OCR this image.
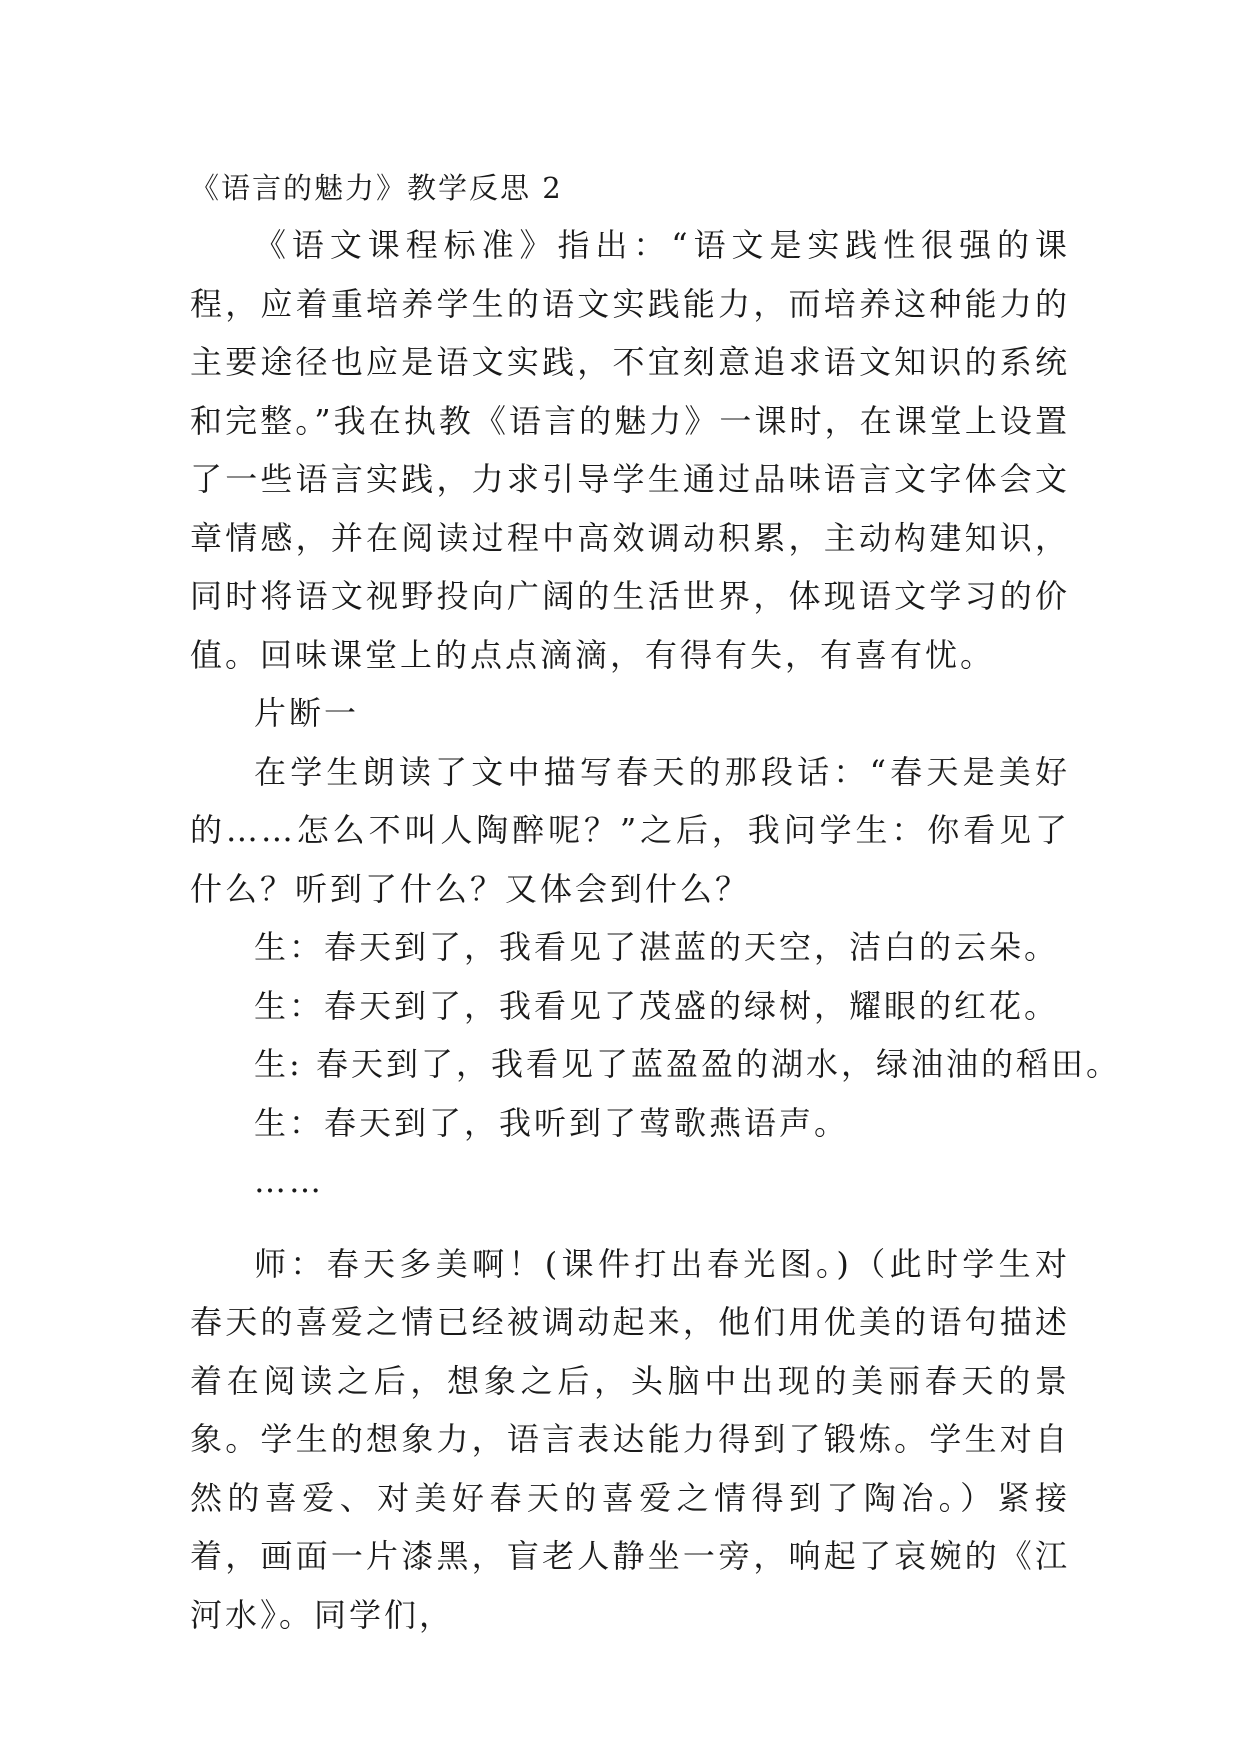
《语言的魅力》教学反思 2

《语文课程标准》指出：“语文是实践性很强的课程，应着重培养学生的语文实践能力，而培养这种能力的主要途径也应是语文实践，不宜刻意追求语文知识的系统和完整。”我在执教《语言的魅力》一课时，在课堂上设置了一些语言实践，力求引导学生通过品味语言文字体会文章情感，并在阅读过程中高效调动积累，主动构建知识，同时将语文视野投向广阔的生活世界，体现语文学习的价值。回味课堂上的点点滴滴，有得有失，有喜有忧。

片断一

在学生朗读了文中描写春天的那段话：“春天是美好的……怎么不叫人陶醉呢？”之后，我问学生：你看见了什么？听到了什么？又体会到什么？

生：春天到了，我看见了湛蓝的天空，洁白的云朵。

生：春天到了，我看见了茂盛的绿树，耀眼的红花。

生: 春天到了，我看见了蓝盈盈的湖水，绿油油的稻田。

生：春天到了，我听到了莺歌燕语声。

……

师：春天多美啊！(课件打出春光图。)（此时学生对春天的喜爱之情已经被调动起来，他们用优美的语句描述着在阅读之后，想象之后，头脑中出现的美丽春天的景象。学生的想象力，语言表达能力得到了锻炼。学生对自然的喜爱、对美好春天的喜爱之情得到了陶冶。）紧接着，画面一片漆黑，盲老人静坐一旁，响起了哀婉的《江河水》。同学们，
